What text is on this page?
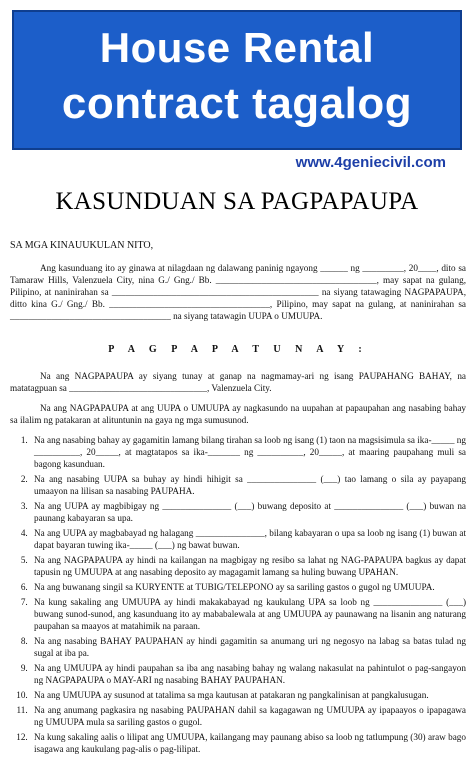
House Rental
contract tagalog
www.4geniecivil.com
KASUNDUAN SA PAGPAPAUPA
SA MGA KINAUUKULAN NITO,
Ang kasunduang ito ay ginawa at nilagdaan ng dalawang paninig ngayong ______ ng _________, 20____, dito sa Tamaraw Hills, Valenzuela City, nina G./ Gng./ Bb. ___________________________________, may sapat na gulang, Pilipino, at naninirahan sa _____________________________________________ na siyang tatawaging NAGPAPAUPA, ditto kina G./ Gng./ Bb. ___________________________________, Pilipino, may sapat na gulang, at naninirahan sa ___________________________________ na siyang tatawagin UUPA o UMUUPA.
P A G P A P A T U N A Y :
Na ang NAGPAPAUPA ay siyang tunay at ganap na nagmamay-ari ng isang PAUPAHANG BAHAY, na matatagpuan sa ______________________________, Valenzuela City.
Na ang NAGPAPAUPA at ang UUPA o UMUUPA ay nagkasundo na uupahan at papaupahan ang nasabing bahay sa ilalim ng patakaran at alituntunin na gaya ng mga sumusunod.
1. Na ang nasabing bahay ay gagamitin lamang bilang tirahan sa loob ng isang (1) taon na magsisimula sa ika-_____ ng __________, 20_____, at magtatapos sa ika-_______ ng __________, 20_____, at maaring paupahang muli sa bagong kasunduan.
2. Na ang nasabing UUPA sa buhay ay hindi hihigit sa _______________ (___) tao lamang o sila ay payapang umaayon na lilisan sa nasabing PAUPAHA.
3. Na ang UUPA ay magbibigay ng _______________ (___) buwang deposito at _______________ (___) buwan na paunang kabayaran sa upa.
4. Na ang UUPA ay magbabayad ng halagang _______________, bilang kabayaran o upa sa loob ng isang (1) buwan at dapat bayaran tuwing ika-_____ (___) ng bawat buwan.
5. Na ang NAGPAPAUPA ay hindi na kailangan na magbigay ng resibo sa lahat ng NAG-PAPAUPA bagkus ay dapat tapusin ng UMUUPA at ang nasabing deposito ay magagamit lamang sa huling buwang UPAHAN.
6. Na ang buwanang singil sa KURYENTE at TUBIG/TELEPONO ay sa sariling gastos o gugol ng UMUUPA.
7. Na kung sakaling ang UMUUPA ay hindi makakabayad ng kaukulang UPA sa loob ng _______________ (___) buwang sunod-sunod, ang kasunduang ito ay mababalewala at ang UMUUPA ay paunawang na lisanin ang naturang paupahan sa maayos at matahimik na paraan.
8. Na ang nasabing BAHAY PAUPAHAN ay hindi gagamitin sa anumang uri ng negosyo na labag sa batas tulad ng sugal at iba pa.
9. Na ang UMUUPA ay hindi paupahan sa iba ang nasabing bahay ng walang nakasulat na pahintulot o pag-sangayon ng NAGPAPAUPA o MAY-ARI ng nasabing BAHAY PAUPAHAN.
10. Na ang UMUUPA ay susunod at tatalima sa mga kautusan at patakaran ng pangkalinisan at pangkalusugan.
11. Na ang anumang pagkasira ng nasabing PAUPAHAN dahil sa kagagawan ng UMUUPA ay ipapaayos o ipapagawa ng UMUUPA mula sa sariling gastos o gugol.
12. Na kung sakaling aalis o lilipat ang UMUUPA, kailangang may paunang abiso sa loob ng tatlumpung (30) araw bago isagawa ang kaukulang pag-alis o pag-lilipat.
